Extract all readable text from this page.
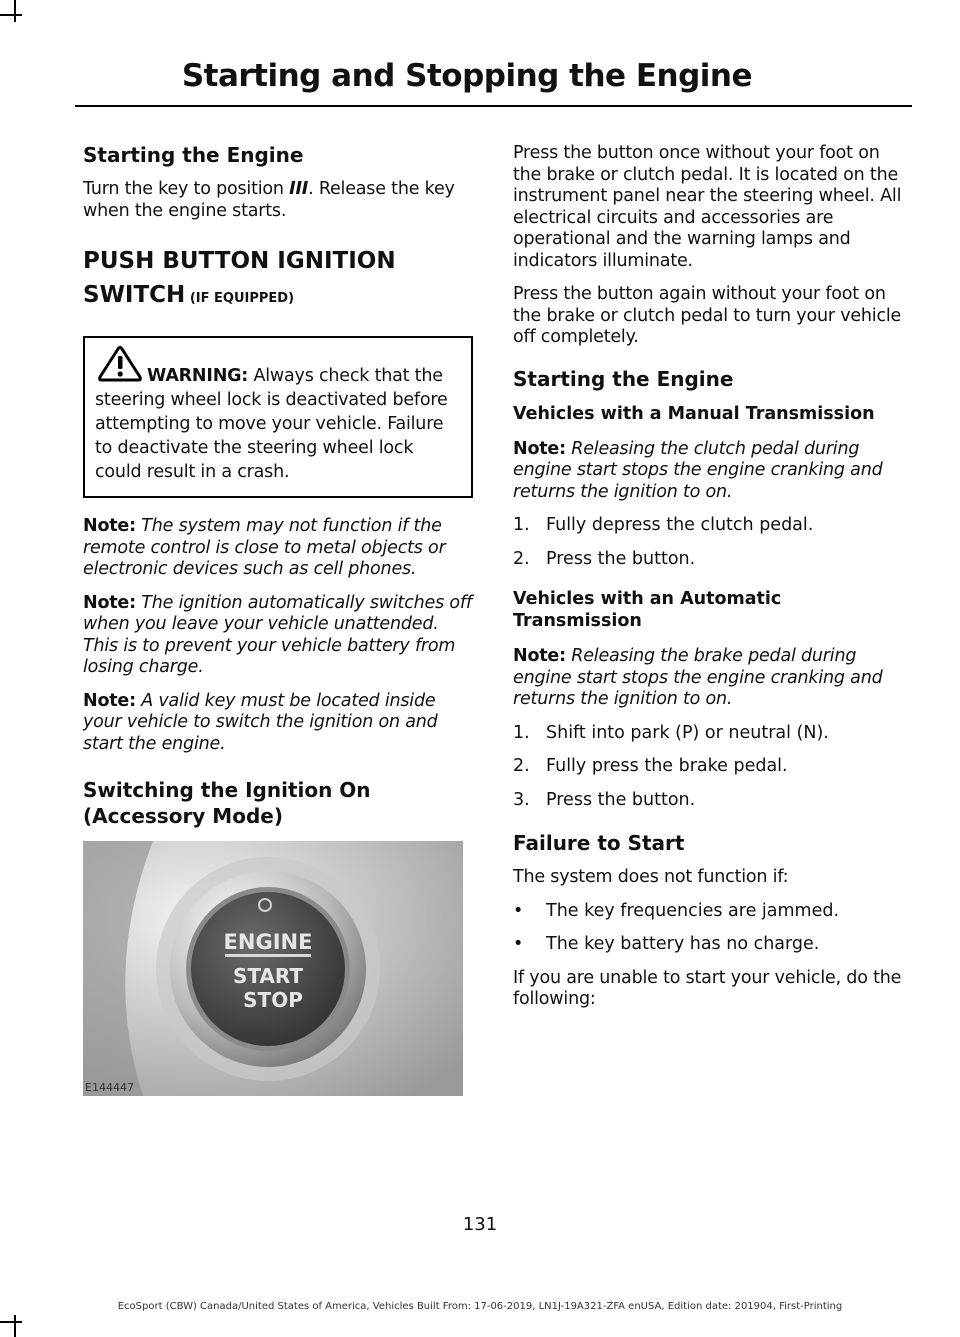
Starting and Stopping the Engine
Starting the Engine

Turn the key to position III. Release the key when the engine starts.

PUSH BUTTON IGNITION
SWITCH (IF EQUIPPED)

WARNING: Always check that the steering wheel lock is deactivated before attempting to move your vehicle. Failure to deactivate the steering wheel lock could result in a crash.

Note: The system may not function if the remote control is close to metal objects or electronic devices such as cell phones.

Note: The ignition automatically switches off when you leave your vehicle unattended. This is to prevent your vehicle battery from losing charge.

Note: A valid key must be located inside your vehicle to switch the ignition on and start the engine.

Switching the Ignition On (Accessory Mode)
ENGINE
START
STOP
E144447

Press the button once without your foot on the brake or clutch pedal. It is located on the instrument panel near the steering wheel. All electrical circuits and accessories are operational and the warning lamps and indicators illuminate.

Press the button again without your foot on the brake or clutch pedal to turn your vehicle off completely.

Starting the Engine
Vehicles with a Manual Transmission

Note: Releasing the clutch pedal during engine start stops the engine cranking and returns the ignition to on.

1. Fully depress the clutch pedal.
2. Press the button.
Vehicles with an Automatic Transmission

Note: Releasing the brake pedal during engine start stops the engine cranking and returns the ignition to on.

1. Shift into park (P) or neutral (N).
2. Fully press the brake pedal.
3. Press the button.
Failure to Start

The system does not function if:

•	The key frequencies are jammed.
•	The key battery has no charge.

If you are unable to start your vehicle, do the following:

131
EcoSport (CBW) Canada/United States of America, Vehicles Built From: 17-06-2019, LN1J-19A321-ZFA enUSA, Edition date: 201904, First-Printing
